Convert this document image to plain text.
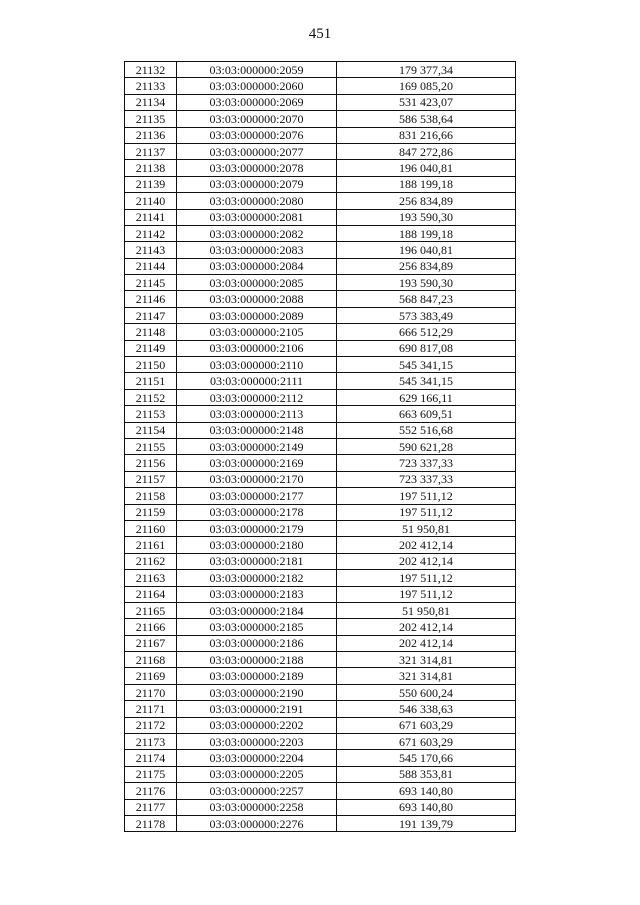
451
21132	03:03:000000:2059	179 377,34
21133	03:03:000000:2060	169 085,20
21134	03:03:000000:2069	531 423,07
21135	03:03:000000:2070	586 538,64
21136	03:03:000000:2076	831 216,66
21137	03:03:000000:2077	847 272,86
21138	03:03:000000:2078	196 040,81
21139	03:03:000000:2079	188 199,18
21140	03:03:000000:2080	256 834,89
21141	03:03:000000:2081	193 590,30
21142	03:03:000000:2082	188 199,18
21143	03:03:000000:2083	196 040,81
21144	03:03:000000:2084	256 834,89
21145	03:03:000000:2085	193 590,30
21146	03:03:000000:2088	568 847,23
21147	03:03:000000:2089	573 383,49
21148	03:03:000000:2105	666 512,29
21149	03:03:000000:2106	690 817,08
21150	03:03:000000:2110	545 341,15
21151	03:03:000000:2111	545 341,15
21152	03:03:000000:2112	629 166,11
21153	03:03:000000:2113	663 609,51
21154	03:03:000000:2148	552 516,68
21155	03:03:000000:2149	590 621,28
21156	03:03:000000:2169	723 337,33
21157	03:03:000000:2170	723 337,33
21158	03:03:000000:2177	197 511,12
21159	03:03:000000:2178	197 511,12
21160	03:03:000000:2179	51 950,81
21161	03:03:000000:2180	202 412,14
21162	03:03:000000:2181	202 412,14
21163	03:03:000000:2182	197 511,12
21164	03:03:000000:2183	197 511,12
21165	03:03:000000:2184	51 950,81
21166	03:03:000000:2185	202 412,14
21167	03:03:000000:2186	202 412,14
21168	03:03:000000:2188	321 314,81
21169	03:03:000000:2189	321 314,81
21170	03:03:000000:2190	550 600,24
21171	03:03:000000:2191	546 338,63
21172	03:03:000000:2202	671 603,29
21173	03:03:000000:2203	671 603,29
21174	03:03:000000:2204	545 170,66
21175	03:03:000000:2205	588 353,81
21176	03:03:000000:2257	693 140,80
21177	03:03:000000:2258	693 140,80
21178	03:03:000000:2276	191 139,79
